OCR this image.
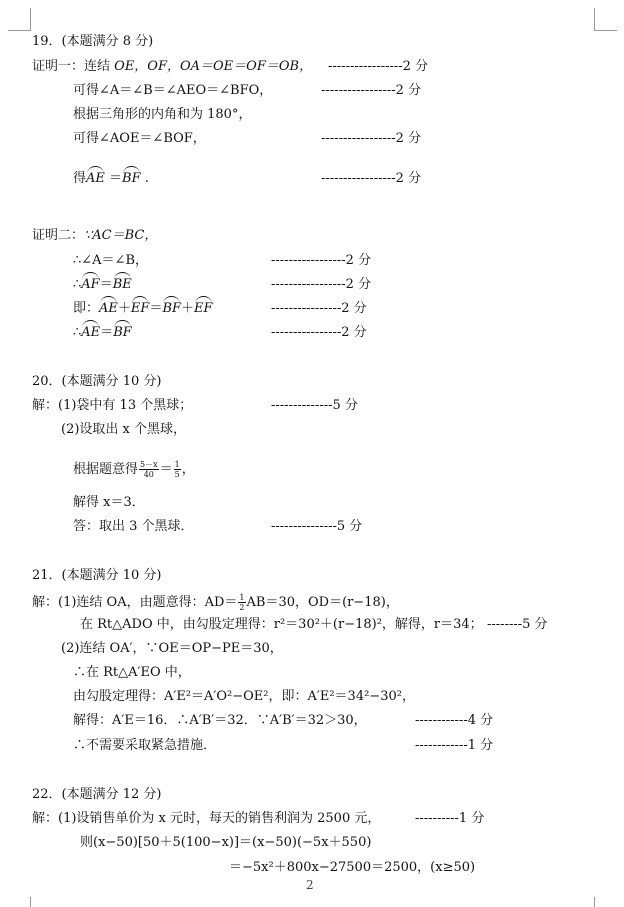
19．(本题满分 8 分)
证明一：连结 OE，OF，OA＝OE＝OF＝OB， -----------------2 分
可得∠A＝∠B＝∠AEO＝∠BFO，	-----------------2 分
根据三角形的内角和为 180°，
可得∠AOE＝∠BOF，	-----------------2 分
得AE ＝BF .	-----------------2 分
证明二：∵AC＝BC，
∴∠A＝∠B，	-----------------2 分
∴AF＝BE	-----------------2 分
即：AE＋EF＝BF＋EF	----------------2 分
∴AE＝BF	----------------2 分
20．(本题满分 10 分)
解：(1)袋中有 13 个黑球；	--------------5 分
(2)设取出 x 个黑球，
根据题意得 $\frac{5-x}{40} = \frac{1}{5}$ ，
解得 x＝3．
答：取出 3 个黑球．	---------------5 分
21．(本题满分 10 分)
解：(1)连结 OA，由题意得：$AD= \frac{1}{2} AB=30$，OD＝(r−18)，
在 Rt△ADO 中，由勾股定理得：r²＝30²＋(r−18)²，解得，r＝34； --------5 分
(2)连结 OA′，∵OE＝OP−PE＝30，
∴在 Rt△A′EO 中，
由勾股定理得：A′E²＝A′O²−OE²，即：A′E²＝34²−30²，
解得：A′E＝16．∴A′B′＝32．∵A′B′＝32＞30，	------------4 分
∴不需要采取紧急措施．	------------1 分
22．(本题满分 12 分)
解：(1)设销售单价为 x 元时，每天的销售利润为 2500 元，	----------1 分
则(x−50)[50＋5(100−x)]＝(x−50)(−5x＋550)
＝−5x²＋800x−27500＝2500，(x≥50)
2
